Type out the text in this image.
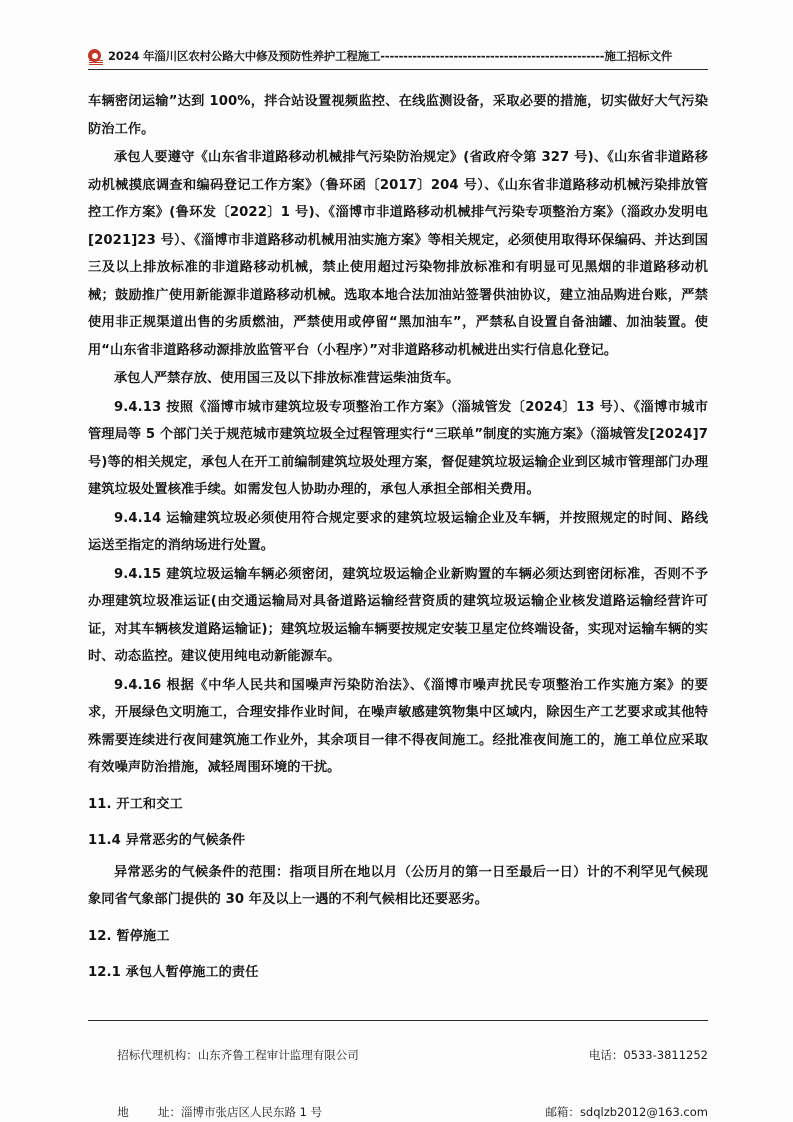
2024 年淄川区农村公路大中修及预防性养护工程施工-------------------------------------------------施工招标文件

车辆密闭运输”达到 100%，拌合站设置视频监控、在线监测设备，采取必要的措施，切实做好大气污染防治工作。

承包人要遵守《山东省非道路移动机械排气污染防治规定》(省政府令第 327 号)、《山东省非道路移动机械摸底调查和编码登记工作方案》（鲁环函〔2017〕204 号）、《山东省非道路移动机械污染排放管控工作方案》(鲁环发〔2022〕1 号)、《淄博市非道路移动机械排气污染专项整治方案》（淄政办发明电[2021]23 号）、《淄博市非道路移动机械用油实施方案》等相关规定，必须使用取得环保编码、并达到国三及以上排放标准的非道路移动机械，禁止使用超过污染物排放标准和有明显可见黑烟的非道路移动机械；鼓励推广使用新能源非道路移动机械。选取本地合法加油站签署供油协议，建立油品购进台账，严禁使用非正规渠道出售的劣质燃油，严禁使用或停留“黑加油车”，严禁私自设置自备油罐、加油装置。使用“山东省非道路移动源排放监管平台（小程序）”对非道路移动机械进出实行信息化登记。

承包人严禁存放、使用国三及以下排放标准营运柴油货车。

9.4.13 按照《淄博市城市建筑垃圾专项整治工作方案》（淄城管发〔2024〕13 号）、《淄博市城市管理局等 5 个部门关于规范城市建筑垃圾全过程管理实行“三联单”制度的实施方案》（淄城管发[2024]7 号)等的相关规定，承包人在开工前编制建筑垃圾处理方案，督促建筑垃圾运输企业到区城市管理部门办理建筑垃圾处置核准手续。如需发包人协助办理的，承包人承担全部相关费用。

9.4.14 运输建筑垃圾必须使用符合规定要求的建筑垃圾运输企业及车辆，并按照规定的时间、路线运送至指定的消纳场进行处置。

9.4.15 建筑垃圾运输车辆必须密闭，建筑垃圾运输企业新购置的车辆必须达到密闭标准，否则不予办理建筑垃圾准运证(由交通运输局对具备道路运输经营资质的建筑垃圾运输企业核发道路运输经营许可证，对其车辆核发道路运输证)；建筑垃圾运输车辆要按规定安装卫星定位终端设备，实现对运输车辆的实时、动态监控。建议使用纯电动新能源车。

9.4.16 根据《中华人民共和国噪声污染防治法》、《淄博市噪声扰民专项整治工作实施方案》的要求，开展绿色文明施工，合理安排作业时间，在噪声敏感建筑物集中区域内，除因生产工艺要求或其他特殊需要连续进行夜间建筑施工作业外，其余项目一律不得夜间施工。经批准夜间施工的，施工单位应采取有效噪声防治措施，减轻周围环境的干扰。

11. 开工和交工

11.4 异常恶劣的气候条件

异常恶劣的气候条件的范围：指项目所在地以月（公历月的第一日至最后一日）计的不利罕见气候现象同省气象部门提供的 30 年及以上一遇的不利气候相比还要恶劣。

12. 暂停施工

12.1 承包人暂停施工的责任

招标代理机构：山东齐鲁工程审计监理有限公司
	电话：0533-3811252

地        址：淄博市张店区人民东路 1 号
	邮箱：sdqlzb2012@163.com
